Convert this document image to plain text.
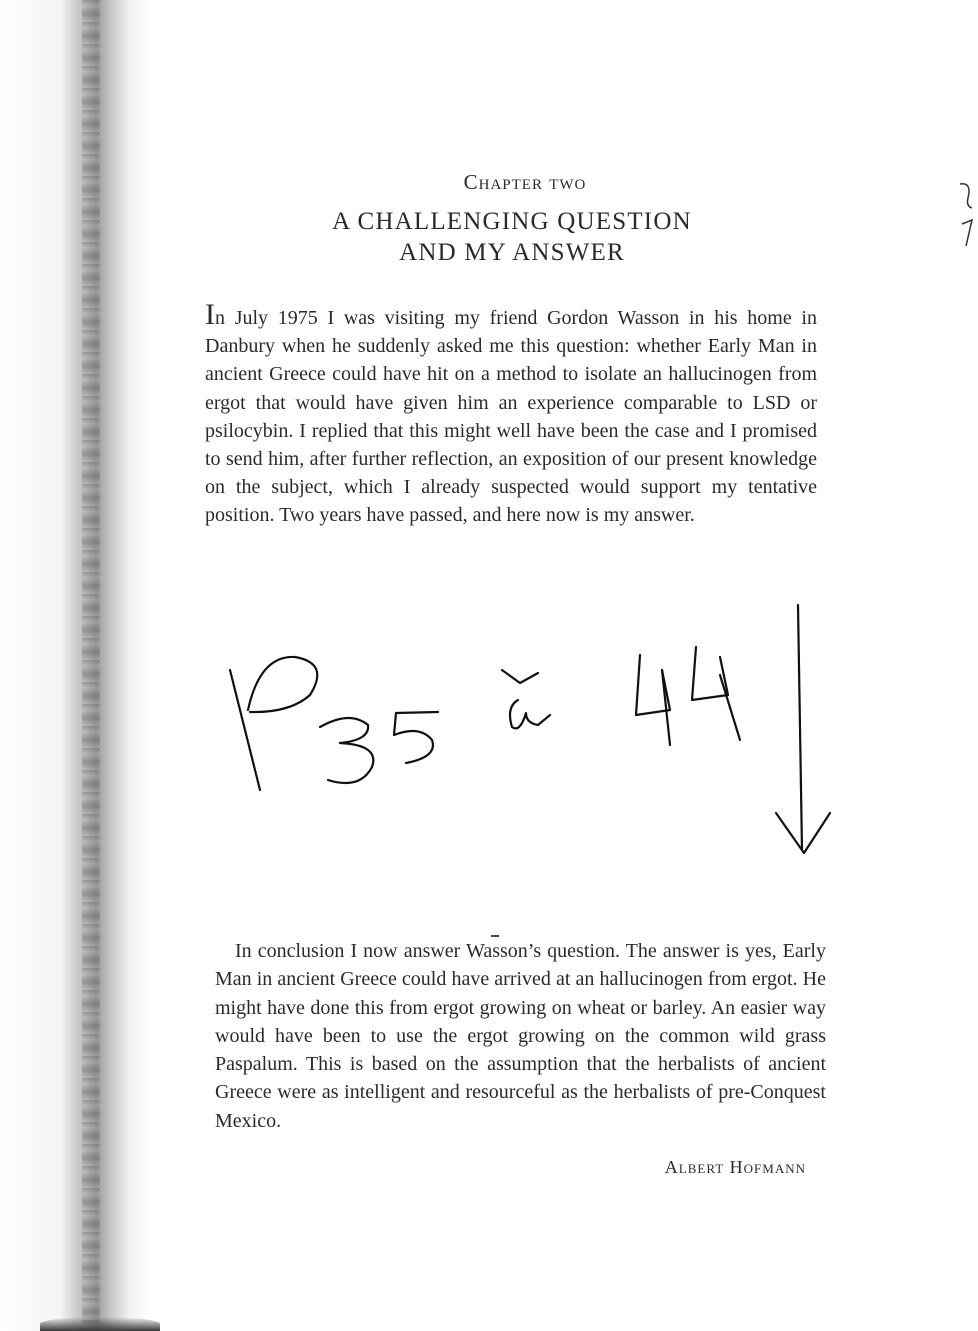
Chapter two
A CHALLENGING QUESTION
AND MY ANSWER
In July 1975 I was visiting my friend Gordon Wasson in his home in Danbury when he suddenly asked me this question: whether Early Man in ancient Greece could have hit on a method to isolate an hallucinogen from ergot that would have given him an experience comparable to LSD or psilocybin. I replied that this might well have been the case and I promised to send him, after further reflection, an exposition of our present knowledge on the subject, which I already suspected would support my tentative position. Two years have passed, and here now is my answer.
In conclusion I now answer Wasson’s question. The answer is yes, Early Man in ancient Greece could have arrived at an hallucinogen from ergot. He might have done this from ergot growing on wheat or barley. An easier way would have been to use the ergot growing on the common wild grass Paspalum. This is based on the assumption that the herbalists of ancient Greece were as intelligent and resourceful as the herbalists of pre-Conquest Mexico.
Albert Hofmann
